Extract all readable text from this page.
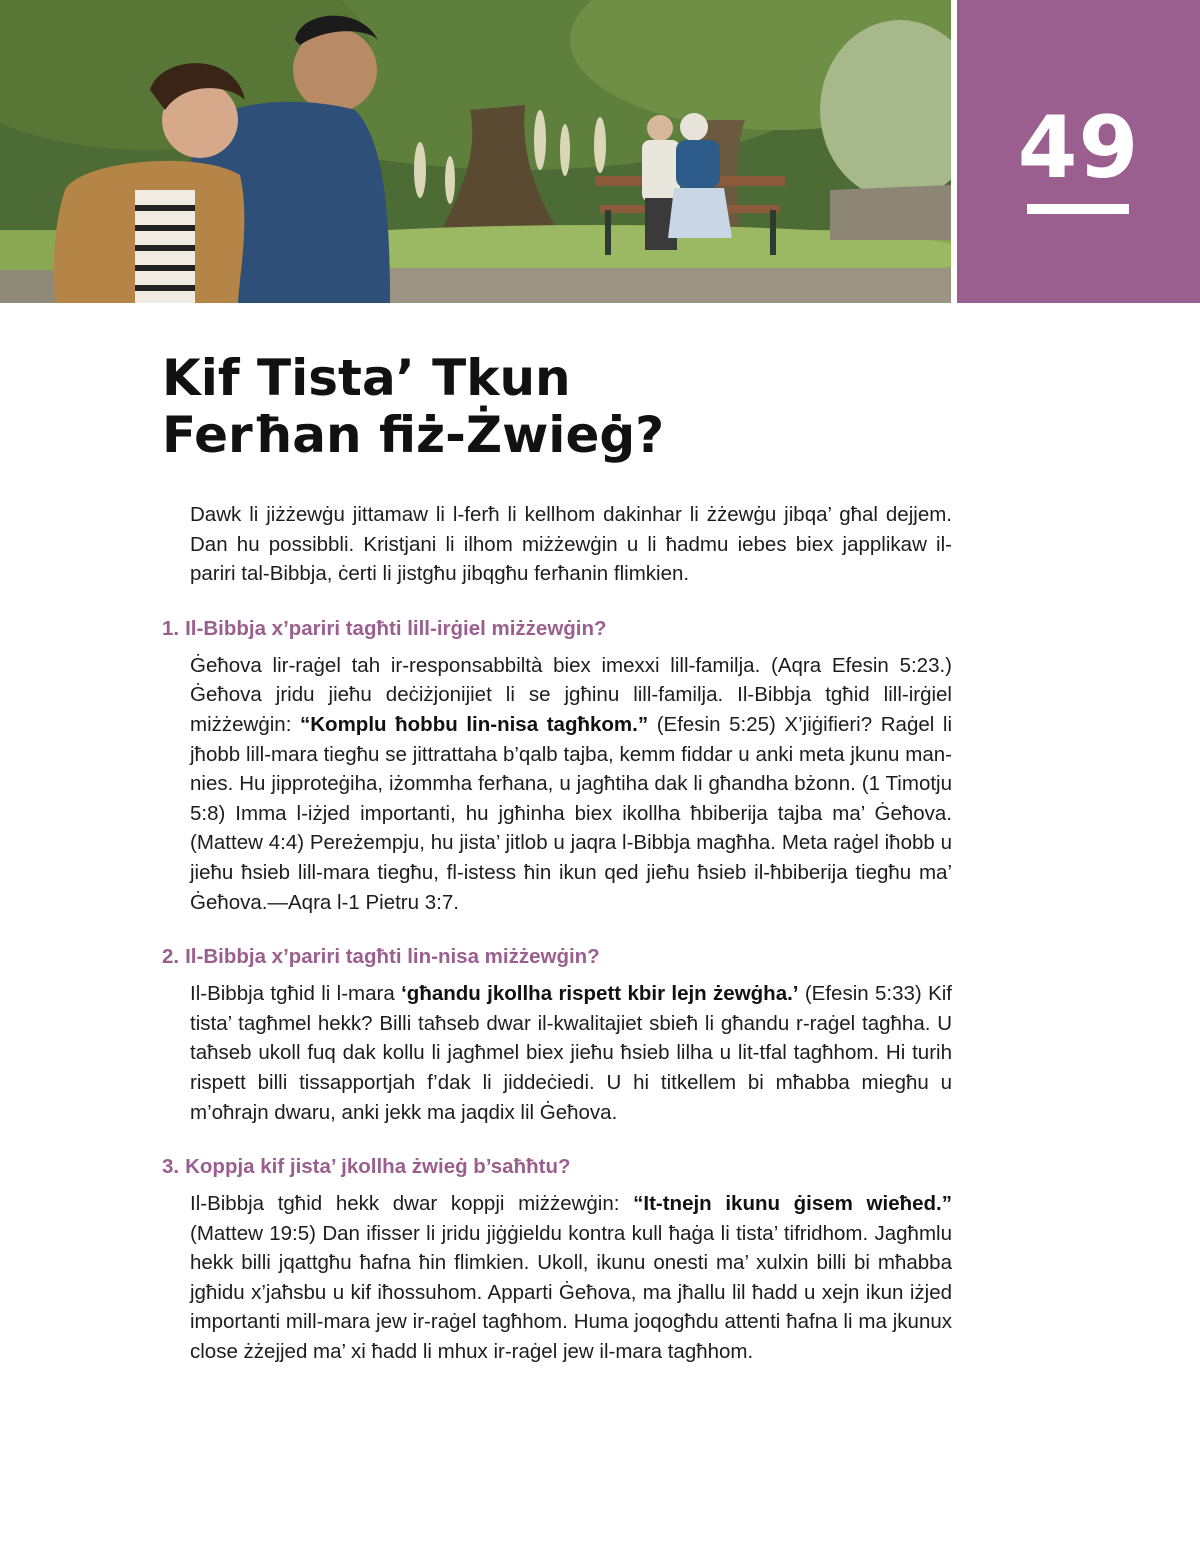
49
Kif Tista’ Tkun
Ferħan fiż-Żwieġ?

Dawk li jiżżewġu jittamaw li l-ferħ li kellhom dakinhar li żżewġu jibqa’ għal dejjem. Dan hu possibbli. Kristjani li ilhom miżżewġin u li ħadmu iebes biex japplikaw il-pariri tal-Bibbja, ċerti li jistgħu jibqgħu ferħanin flimkien.

1. Il-Bibbja x’pariri tagħti lill-irġiel miżżewġin?

Ġeħova lir-raġel tah ir-responsabbiltà biex imexxi lill-familja. (Aqra Efesin 5:23.) Ġeħova jridu jieħu deċiżjonijiet li se jgħinu lill-familja. Il-Bibbja tgħid lill-irġiel miżżewġin: “Komplu ħobbu lin-nisa tagħkom.” (Efesin 5:25) X’jiġifieri? Raġel li jħobb lill-mara tiegħu se jittrattaha b’qalb tajba, kemm fiddar u anki meta jkunu man-nies. Hu jipproteġiha, iżommha ferħana, u jagħtiha dak li għandha bżonn. (1 Timotju 5:8) Imma l-iżjed importanti, hu jgħinha biex ikollha ħbiberija tajba ma’ Ġeħova. (Mattew 4:4) Pereżempju, hu jista’ jitlob u jaqra l-Bibbja magħha. Meta raġel iħobb u jieħu ħsieb lill-mara tiegħu, fl-istess ħin ikun qed jieħu ħsieb il-ħbiberija tiegħu ma’ Ġeħova.—Aqra l-1 Pietru 3:7.

2. Il-Bibbja x’pariri tagħti lin-nisa miżżewġin?

Il-Bibbja tgħid li l-mara ‘għandu jkollha rispett kbir lejn żewġha.’ (Efesin 5:33) Kif tista’ tagħmel hekk? Billi taħseb dwar il-kwalitajiet sbieħ li għandu r-raġel tagħha. U taħseb ukoll fuq dak kollu li jagħmel biex jieħu ħsieb lilha u lit-tfal tagħhom. Hi turih rispett billi tissapportjah f’dak li jiddeċiedi. U hi titkellem bi mħabba miegħu u m’oħrajn dwaru, anki jekk ma jaqdix lil Ġeħova.

3. Koppja kif jista’ jkollha żwieġ b’saħħtu?

Il-Bibbja tgħid hekk dwar koppji miżżewġin: “It-tnejn ikunu ġisem wieħed.” (Mattew 19:5) Dan ifisser li jridu jiġġieldu kontra kull ħaġa li tista’ tifridhom. Jagħmlu hekk billi jqattgħu ħafna ħin flimkien. Ukoll, ikunu onesti ma’ xulxin billi bi mħabba jgħidu x’jaħsbu u kif iħossuhom. Apparti Ġeħova, ma jħallu lil ħadd u xejn ikun iżjed importanti mill-mara jew ir-raġel tagħhom. Huma joqogħdu attenti ħafna li ma jkunux close żżejjed ma’ xi ħadd li mhux ir-raġel jew il-mara tagħhom.
